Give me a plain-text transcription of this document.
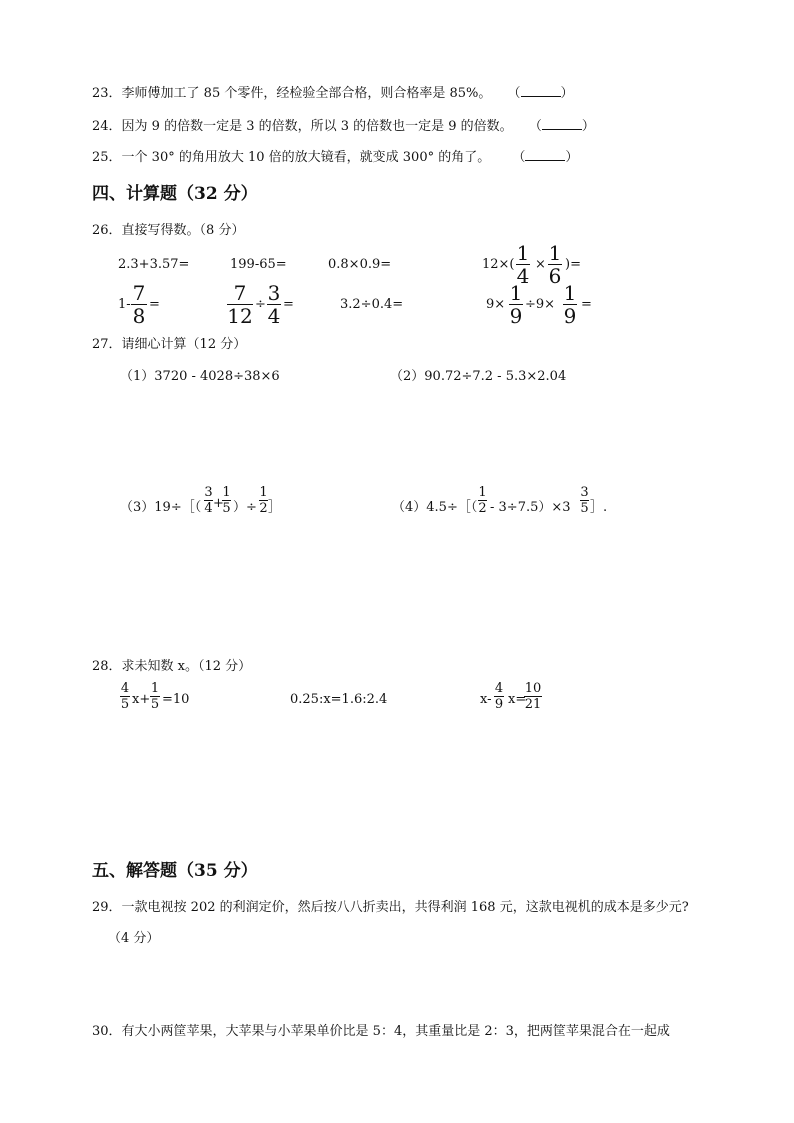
23．李师傅加工了 85 个零件，经检验全部合格，则合格率是 85%。 （	）
24．因为 9 的倍数一定是 3 的倍数，所以 3 的倍数也一定是 9 的倍数。 （	）
25．一个 30° 的角用放大 10 倍的放大镜看，就变成 300° 的角了。 （	）
四、计算题（32 分）
26．直接写得数。（8 分）
2.3+3.57=	199-65=	0.8×0.9=	12×( 1
4 × 1
6 )=
1- 7
8 =	7
12 ÷ 3
4 =	3.2÷0.4=	9× 1
9 ÷9× 1
9 =
27．请细心计算（12 分）
（1）3720 - 4028÷38×6	（2）90.72÷7.2 - 5.3×2.04
（3）19÷［（
3
4 +
1
5 ）÷
1
2 ］	（4）4.5÷［（
1
2 - 3÷7.5）×3
3
5 ］.
28．求未知数 x。（12 分）
4
5 x+
1
5 =10	0.25:x=1.6:2.4	x-
4
9 x=
10
21
五、解答题（35 分）
29．一款电视按 202 的利润定价，然后按八八折卖出，共得利润 168 元，这款电视机的成本是多少元?
（4 分）
30．有大小两筐苹果，大苹果与小苹果单价比是 5：4，其重量比是 2：3，把两筐苹果混合在一起成
